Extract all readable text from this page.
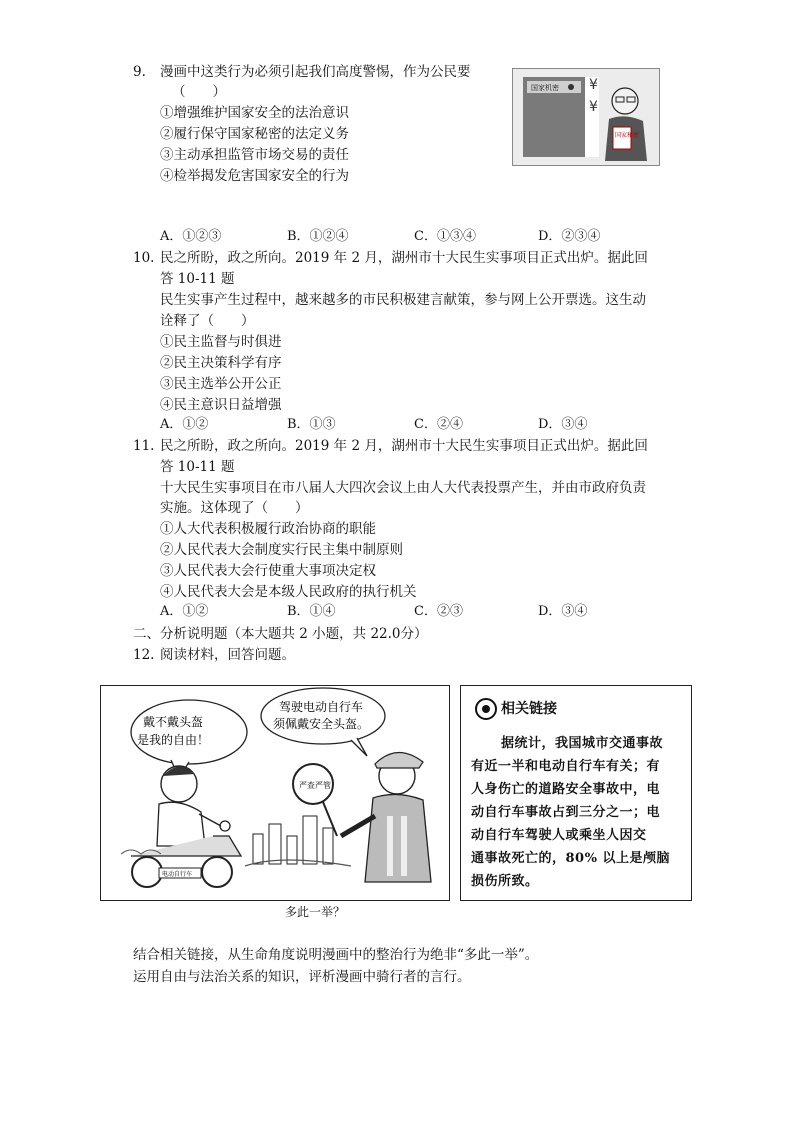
9. 漫画中这类行为必须引起我们高度警惕，作为公民要
（　　）
①增强维护国家安全的法治意识
②履行保守国家秘密的法定义务
③主动承担监管市场交易的责任
④检举揭发危害国家安全的行为
国家机密 ¥
¥
国家秘密
A．①②③	B．①②④	C．①③④	D．②③④
10. 民之所盼，政之所向。2019 年 2 月，湖州市十大民生实事项目正式出炉。据此回
答 10-11 题
民生实事产生过程中，越来越多的市民积极建言献策，参与网上公开票选。这生动
诠释了（　　）
①民主监督与时俱进
②民主决策科学有序
③民主选举公开公正
④民主意识日益增强
A．①②	B．①③	C．②④	D．③④
11. 民之所盼，政之所向。2019 年 2 月，湖州市十大民生实事项目正式出炉。据此回
答 10-11 题
十大民生实事项目在市八届人大四次会议上由人大代表投票产生，并由市政府负责
实施。这体现了（　　）
①人大代表积极履行政治协商的职能
②人民代表大会制度实行民主集中制原则
③人民代表大会行使重大事项决定权
④人民代表大会是本级人民政府的执行机关
A．①②	B．①④	C．②③	D．③④
二、分析说明题（本大题共 2 小题，共 22.0分）
12. 阅读材料，回答问题。
戴不戴头盔
是我的自由！
驾驶电动自行车
须佩戴安全头盔。
电动自行车
严查严管
多此一举？
相关链接
据统计，我国城市交通事故
有近一半和电动自行车有关；有
人身伤亡的道路安全事故中，电
动自行车事故占到三分之一；电
动自行车驾驶人或乘坐人因交
通事故死亡的，80% 以上是颅脑
损伤所致。
结合相关链接，从生命角度说明漫画中的整治行为绝非“多此一举”。
运用自由与法治关系的知识，评析漫画中骑行者的言行。
